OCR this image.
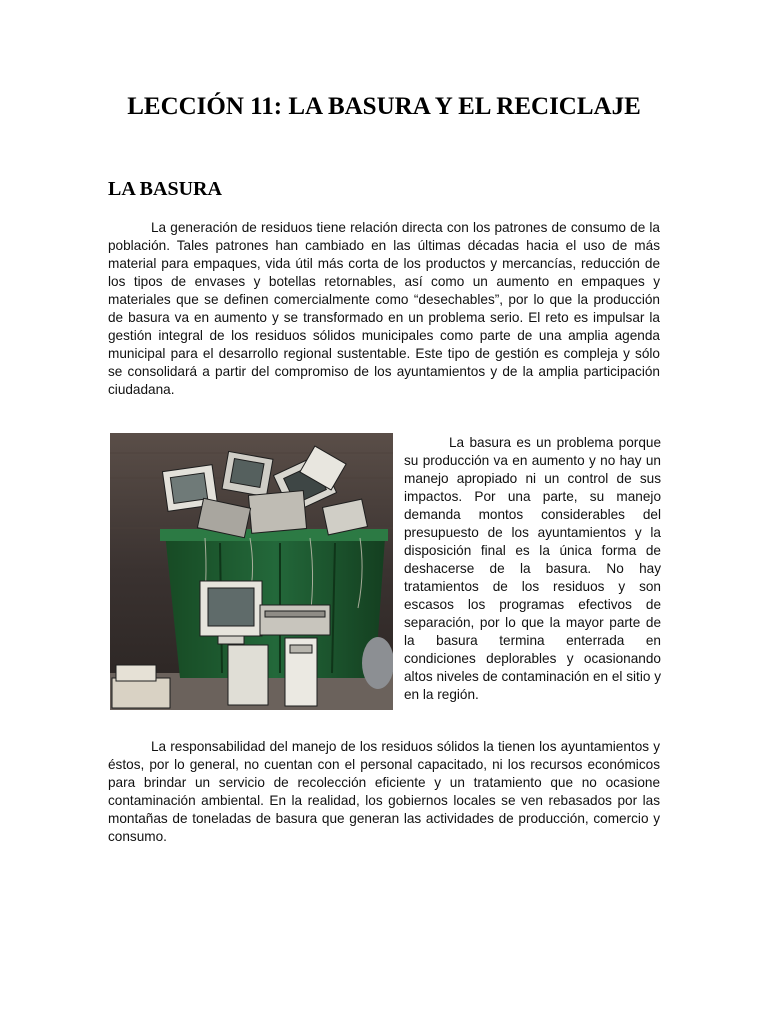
LECCIÓN 11: LA BASURA Y EL RECICLAJE
LA BASURA

La generación de residuos tiene relación directa con los patrones de consumo de la población. Tales patrones han cambiado en las últimas décadas hacia el uso de más material para empaques, vida útil más corta de los productos y mercancías, reducción de los tipos de envases y botellas retornables, así como un aumento en empaques y materiales que se definen comercialmente como “desechables”, por lo que la producción de basura va en aumento y se transformado en un problema serio. El reto es impulsar la gestión integral de los residuos sólidos municipales como parte de una amplia agenda municipal para el desarrollo regional sustentable. Este tipo de gestión es compleja y sólo se consolidará a partir del compromiso de los ayuntamientos y de la amplia participación ciudadana.

La basura es un problema porque su producción va en aumento y no hay un manejo apropiado ni un control de sus impactos. Por una parte, su manejo demanda montos considerables del presupuesto de los ayuntamientos y la disposición final es la única forma de deshacerse de la basura. No hay tratamientos de los residuos y son escasos los programas efectivos de separación, por lo que la mayor parte de la basura termina enterrada en condiciones deplorables y ocasionando altos niveles de contaminación en el sitio y en la región.

La responsabilidad del manejo de los residuos sólidos la tienen los ayuntamientos y éstos, por lo general, no cuentan con el personal capacitado, ni los recursos económicos para brindar un servicio de recolección eficiente y un tratamiento que no ocasione contaminación ambiental. En la realidad, los gobiernos locales se ven rebasados por las montañas de toneladas de basura que generan las actividades de producción, comercio y consumo.
